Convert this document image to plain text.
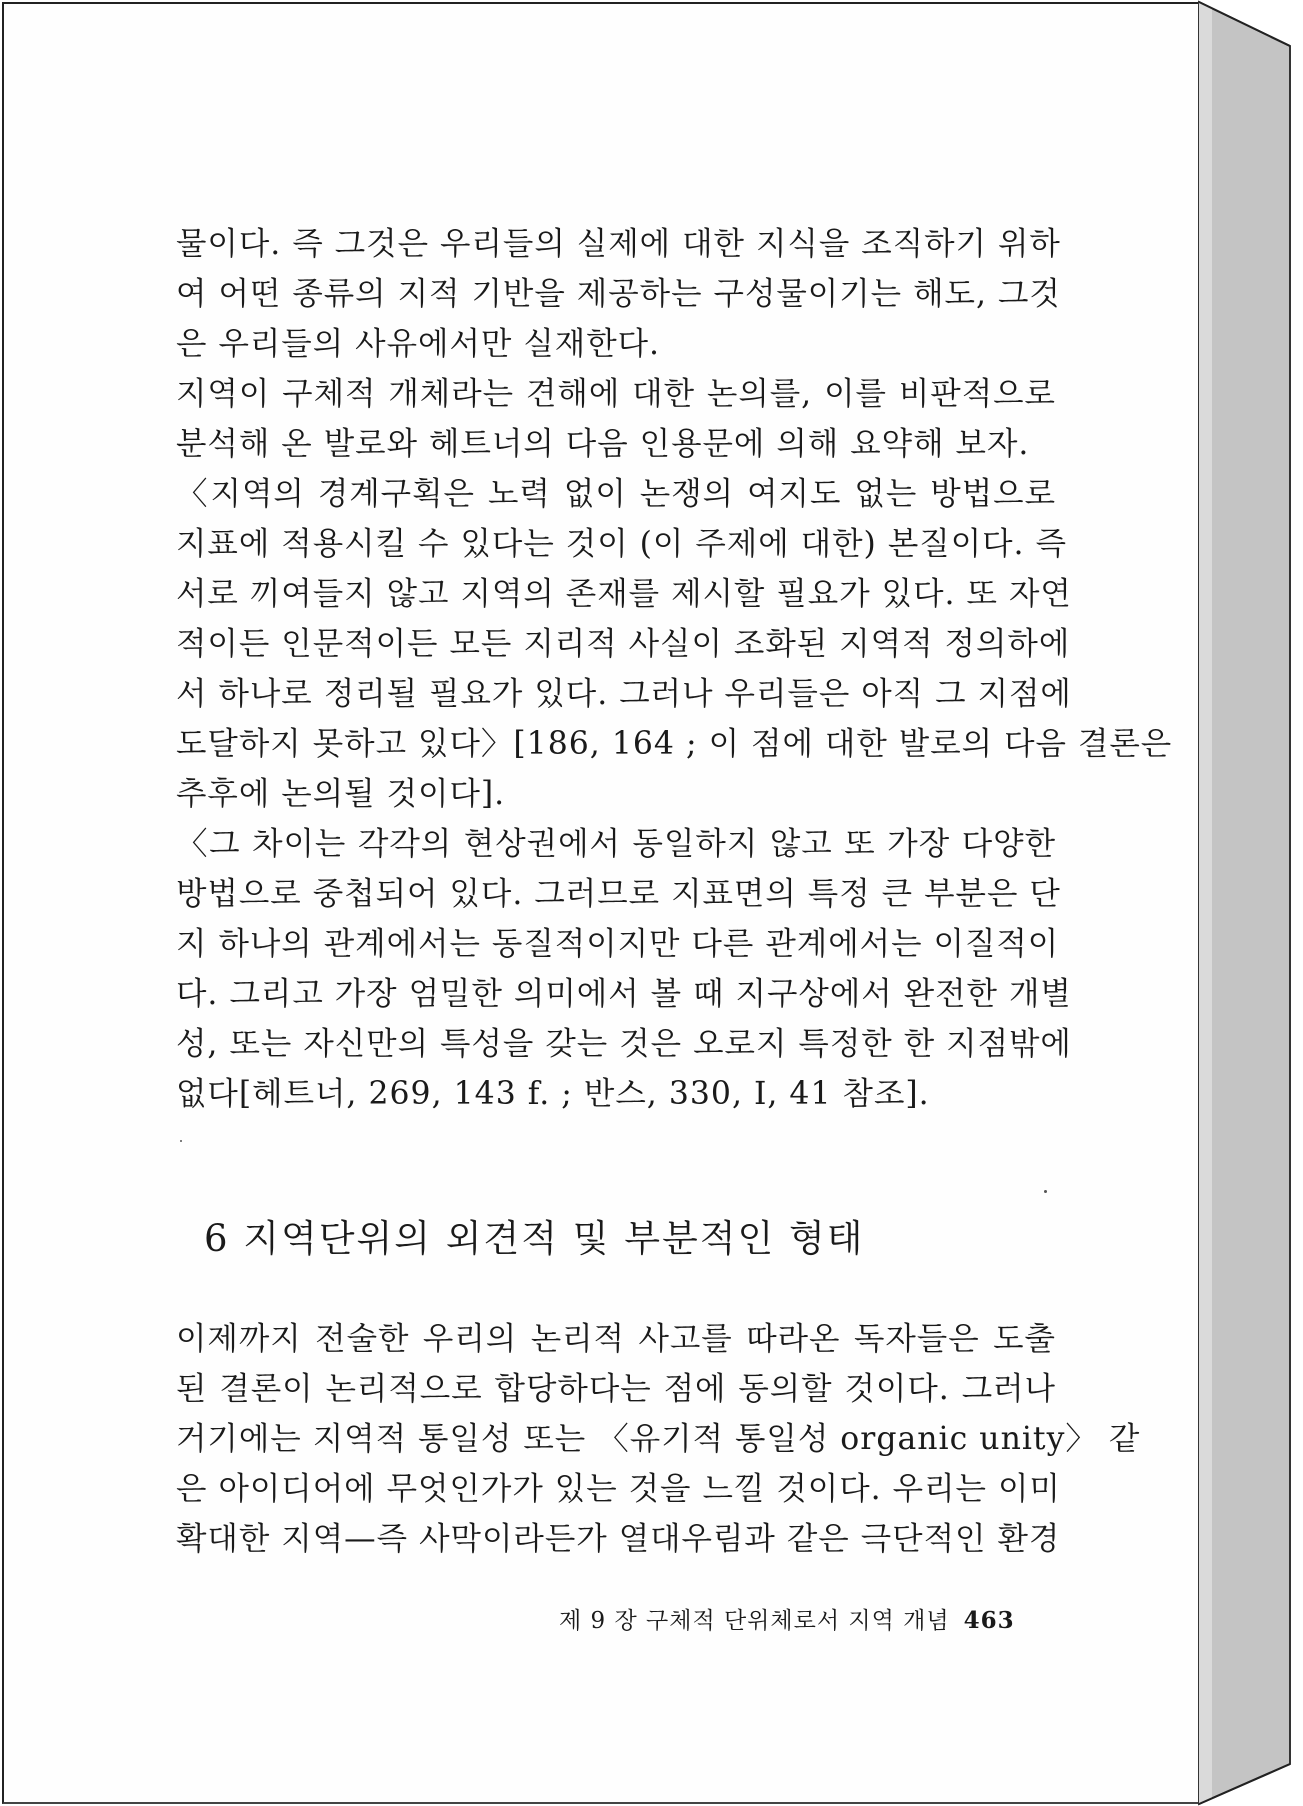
물이다. 즉 그것은 우리들의 실제에 대한 지식을 조직하기 위하
여 어떤 종류의 지적 기반을 제공하는 구성물이기는 해도, 그것
은 우리들의 사유에서만 실재한다.
지역이 구체적 개체라는 견해에 대한 논의를, 이를 비판적으로
분석해 온 발로와 헤트너의 다음 인용문에 의해 요약해 보자.
〈지역의 경계구획은 노력 없이 논쟁의 여지도 없는 방법으로
지표에 적용시킬 수 있다는 것이 (이 주제에 대한) 본질이다. 즉
서로 끼여들지 않고 지역의 존재를 제시할 필요가 있다. 또 자연
적이든 인문적이든 모든 지리적 사실이 조화된 지역적 정의하에
서 하나로 정리될 필요가 있다. 그러나 우리들은 아직 그 지점에
도달하지 못하고 있다〉[186, 164 ; 이 점에 대한 발로의 다음 결론은
추후에 논의될 것이다].
〈그 차이는 각각의 현상권에서 동일하지 않고 또 가장 다양한
방법으로 중첩되어 있다. 그러므로 지표면의 특정 큰 부분은 단
지 하나의 관계에서는 동질적이지만 다른 관계에서는 이질적이
다. 그리고 가장 엄밀한 의미에서 볼 때 지구상에서 완전한 개별
성, 또는 자신만의 특성을 갖는 것은 오로지 특정한 한 지점밖에
없다[헤트너, 269, 143 f. ; 반스, 330, Ⅰ, 41 참조].
6 지역단위의 외견적 및 부분적인 형태
이제까지 전술한 우리의 논리적 사고를 따라온 독자들은 도출
된 결론이 논리적으로 합당하다는 점에 동의할 것이다. 그러나
거기에는 지역적 통일성 또는 〈유기적 통일성 organic unity〉 같
은 아이디어에 무엇인가가 있는 것을 느낄 것이다. 우리는 이미
확대한 지역—즉 사막이라든가 열대우림과 같은 극단적인 환경
제 9 장 구체적 단위체로서 지역 개념 463
